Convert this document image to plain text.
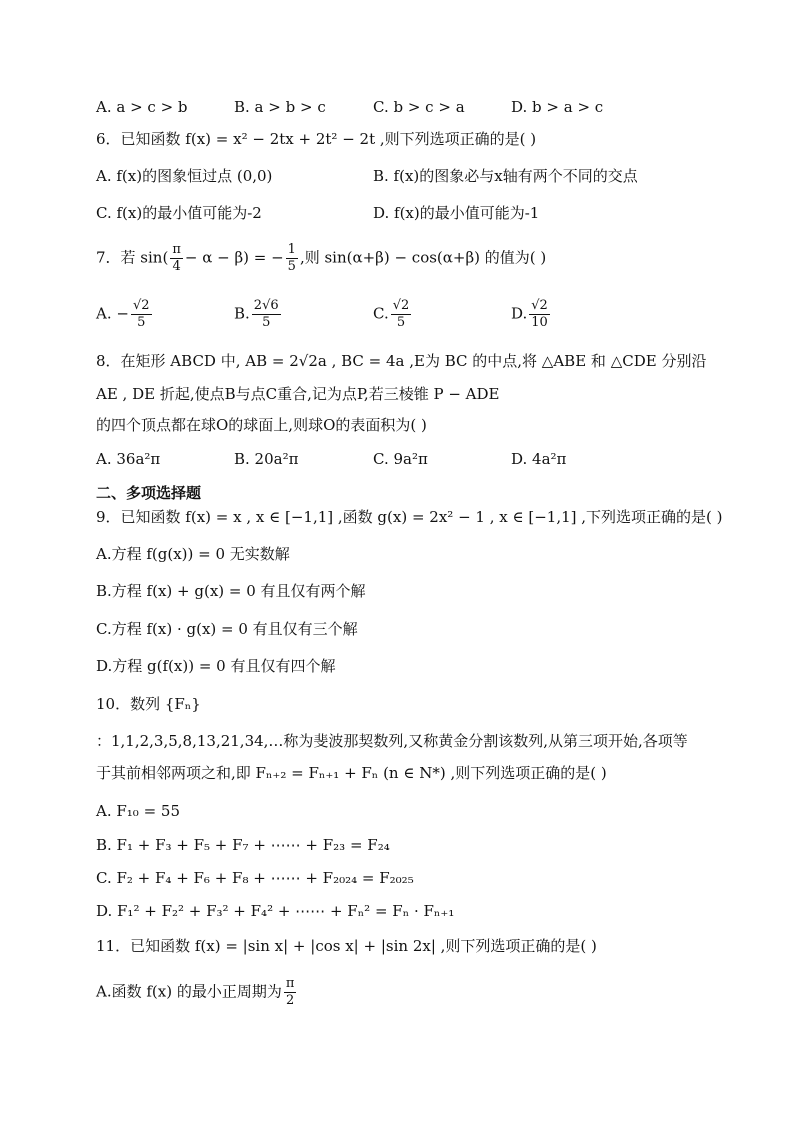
A. a > c > b	B. a > b > c	C. b > c > a	D. b > a > c
6．已知函数 f(x) = x² − 2tx + 2t² − 2t ,则下列选项正确的是( )
A. f(x)的图象恒过点 (0,0)	B. f(x)的图象必与x轴有两个不同的交点
C. f(x)的最小值可能为-2	D. f(x)的最小值可能为-1
7．若 $\sin( \frac{\pi}{4} - \alpha - \beta)$ = − $\frac{1}{5}$ ,则 sin(α+β) − cos(α+β) 的值为( )
A. − $\frac{√2}{5}$	B. $\frac{2√6}{5}$	C. $\frac{√2}{5}$	D. $\frac{√2}{10}$
8．在矩形 ABCD 中, AB = 2√2a , BC = 4a ,E为 BC 的中点,将 △ABE 和 △CDE 分别沿
AE , DE 折起,使点B与点C重合,记为点P,若三棱锥 P − ADE
的四个顶点都在球O的球面上,则球O的表面积为( )
A. 36a²π	B. 20a²π	C. 9a²π	D. 4a²π
二、多项选择题
9．已知函数 f(x) = x , x ∈ [−1,1] ,函数 g(x) = 2x² − 1 , x ∈ [−1,1] ,下列选项正确的是( )
A.方程 f(g(x)) = 0 无实数解
B.方程 f(x) + g(x) = 0 有且仅有两个解
C.方程 f(x) · g(x) = 0 有且仅有三个解
D.方程 g(f(x)) = 0 有且仅有四个解
10．数列 {Fₙ}
：1,1,2,3,5,8,13,21,34,…称为斐波那契数列,又称黄金分割该数列,从第三项开始,各项等
于其前相邻两项之和,即 Fₙ₊₂ = Fₙ₊₁ + Fₙ (n ∈ N*) ,则下列选项正确的是( )
A. F₁₀ = 55
B. F₁ + F₃ + F₅ + F₇ + ⋯⋯ + F₂₃ = F₂₄
C. F₂ + F₄ + F₆ + F₈ + ⋯⋯ + F₂₀₂₄ = F₂₀₂₅
D. F₁² + F₂² + F₃² + F₄² + ⋯⋯ + Fₙ² = Fₙ · Fₙ₊₁
11．已知函数 f(x) = |sin x| + |cos x| + |sin 2x| ,则下列选项正确的是( )
A.函数 f(x) 的最小正周期为 $\frac{\pi}{2}$
